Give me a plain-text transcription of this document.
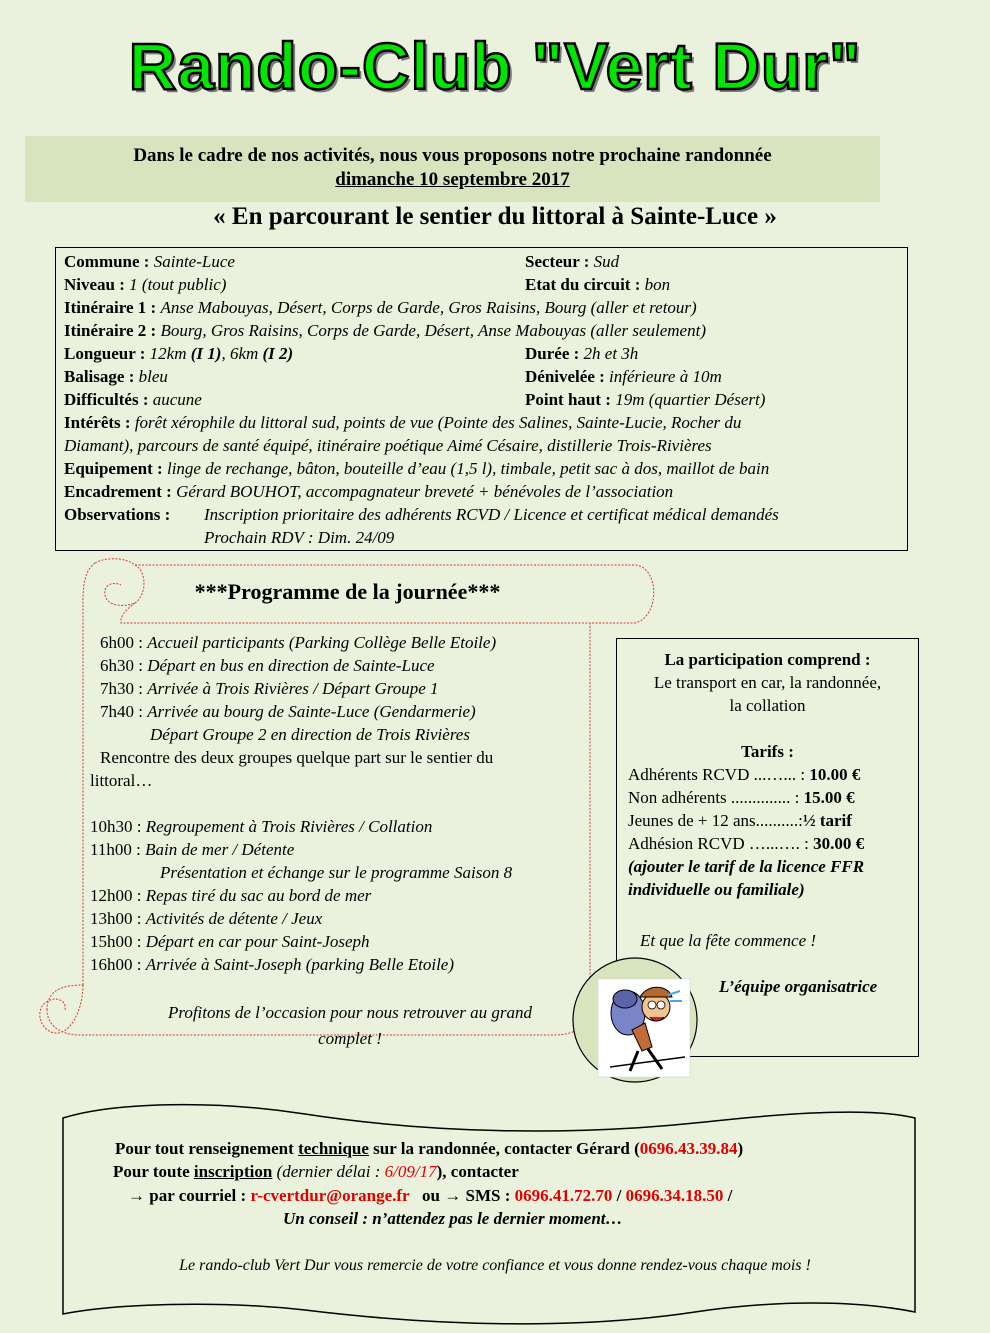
Rando-Club "Vert Dur"
Dans le cadre de nos activités, nous vous proposons notre prochaine randonnée
dimanche 10 septembre 2017
« En parcourant le sentier du littoral à Sainte-Luce »
Commune : Sainte-Luce	Secteur : Sud
Niveau : 1 (tout public)	Etat du circuit : bon
Itinéraire 1 : Anse Mabouyas, Désert, Corps de Garde, Gros Raisins, Bourg (aller et retour)
Itinéraire 2 : Bourg, Gros Raisins, Corps de Garde, Désert, Anse Mabouyas (aller seulement)
Longueur : 12km (I 1), 6km (I 2)	Durée : 2h et 3h
Balisage : bleu	Dénivelée : inférieure à 10m
Difficultés : aucune	Point haut : 19m (quartier Désert)
Intérêts : forêt xérophile du littoral sud, points de vue (Pointe des Salines, Sainte-Lucie, Rocher du
Diamant), parcours de santé équipé, itinéraire poétique Aimé Césaire, distillerie Trois-Rivières
Equipement : linge de rechange, bâton, bouteille d’eau (1,5 l), timbale, petit sac à dos, maillot de bain
Encadrement : Gérard BOUHOT, accompagnateur breveté + bénévoles de l’association
Observations : Inscription prioritaire des adhérents RCVD / Licence et certificat médical demandés
Prochain RDV : Dim. 24/09
***Programme de la journée***
6h00 : Accueil participants (Parking Collège Belle Etoile)
6h30 : Départ en bus en direction de Sainte-Luce
7h30 : Arrivée à Trois Rivières / Départ Groupe 1
7h40 : Arrivée au bourg de Sainte-Luce (Gendarmerie)
Départ Groupe 2 en direction de Trois Rivières
Rencontre des deux groupes quelque part sur le sentier du
littoral…
10h30 : Regroupement à Trois Rivières / Collation
11h00 : Bain de mer / Détente
Présentation et échange sur le programme Saison 8
12h00 : Repas tiré du sac au bord de mer
13h00 : Activités de détente / Jeux
15h00 : Départ en car pour Saint-Joseph
16h00 : Arrivée à Saint-Joseph (parking Belle Etoile)
Profitons de l’occasion pour nous retrouver au grand
complet !
La participation comprend :
Le transport en car, la randonnée,
la collation
Tarifs :
Adhérents RCVD ...…... : 10.00 €
Non adhérents .............. : 15.00 €
Jeunes de + 12 ans..........:½ tarif
Adhésion RCVD …...…. : 30.00 €
(ajouter le tarif de la licence FFR
individuelle ou familiale)
Et que la fête commence !
L’équipe organisatrice
Pour tout renseignement technique sur la randonnée, contacter Gérard (0696.43.39.84)
Pour toute inscription (dernier délai : 6/09/17), contacter
→ par courriel : r-cvertdur@orange.fr ou → SMS : 0696.41.72.70 / 0696.34.18.50 /
Un conseil : n’attendez pas le dernier moment…
Le rando-club Vert Dur vous remercie de votre confiance et vous donne rendez-vous chaque mois !
